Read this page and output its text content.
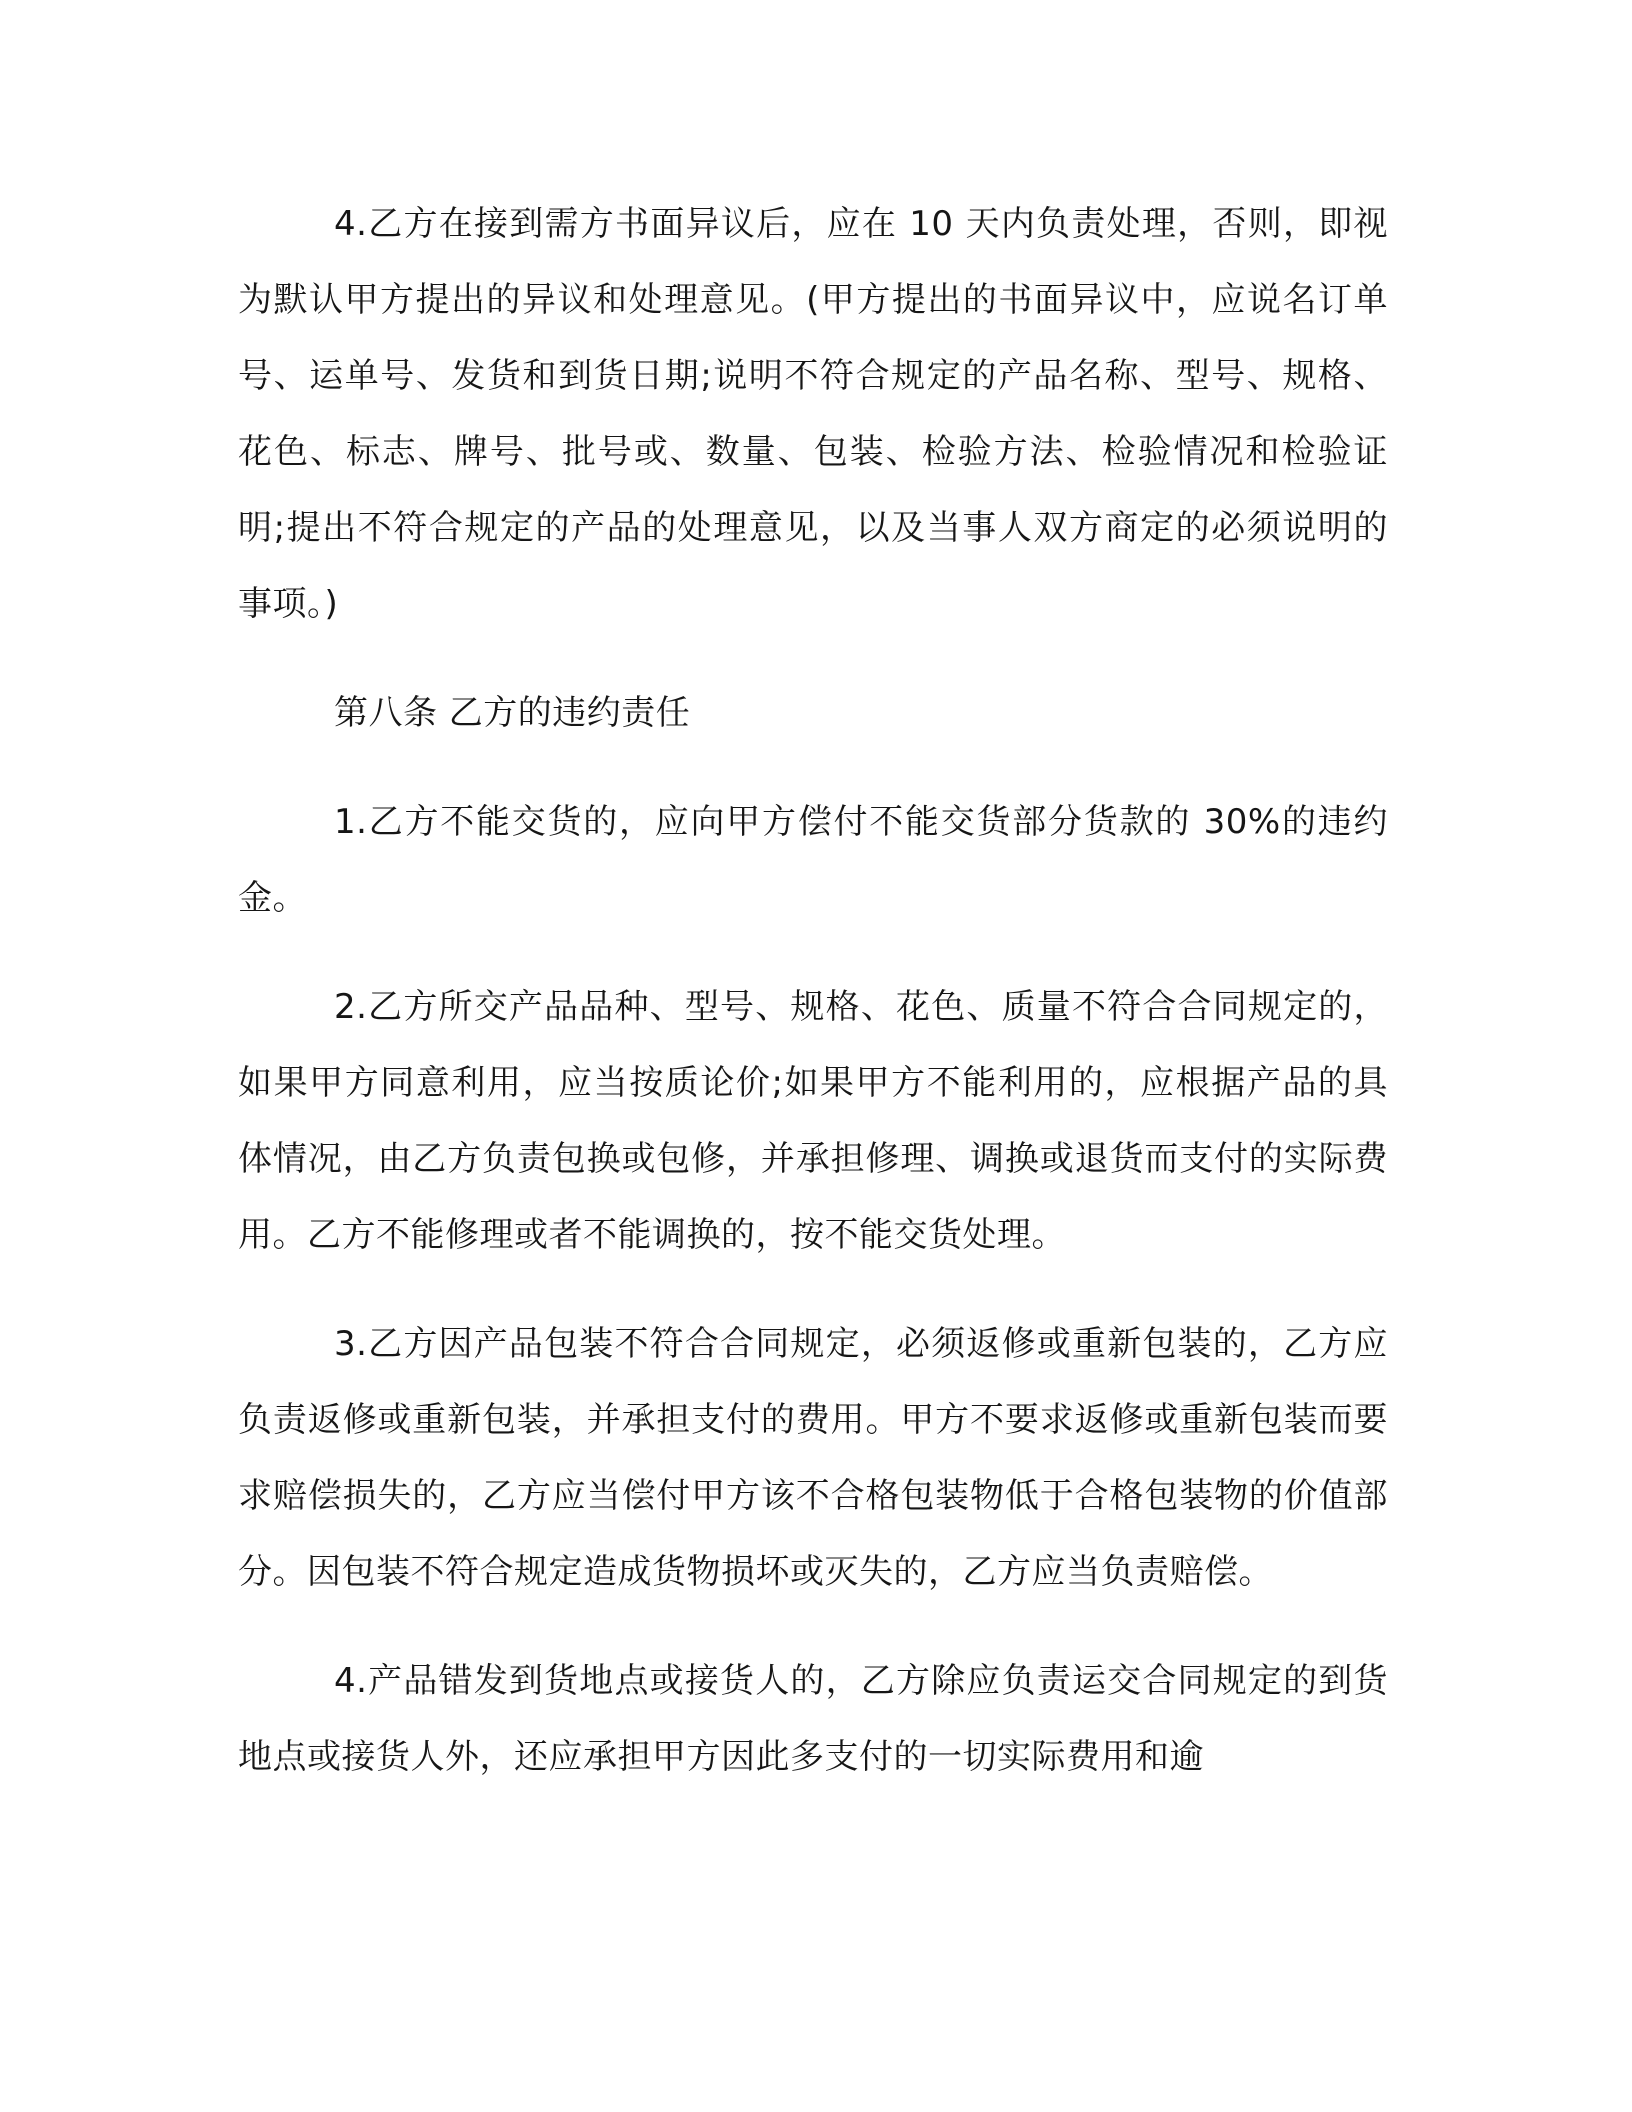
4.乙方在接到需方书面异议后，应在 10 天内负责处理，否则，即视为默认甲方提出的异议和处理意见。(甲方提出的书面异议中，应说名订单号、运单号、发货和到货日期;说明不符合规定的产品名称、型号、规格、花色、标志、牌号、批号或、数量、包装、检验方法、检验情况和检验证明;提出不符合规定的产品的处理意见，以及当事人双方商定的必须说明的事项。)

第八条 乙方的违约责任

1.乙方不能交货的，应向甲方偿付不能交货部分货款的 30%的违约金。

2.乙方所交产品品种、型号、规格、花色、质量不符合合同规定的，如果甲方同意利用，应当按质论价;如果甲方不能利用的，应根据产品的具体情况，由乙方负责包换或包修，并承担修理、调换或退货而支付的实际费用。乙方不能修理或者不能调换的，按不能交货处理。

3.乙方因产品包装不符合合同规定，必须返修或重新包装的，乙方应负责返修或重新包装，并承担支付的费用。甲方不要求返修或重新包装而要求赔偿损失的，乙方应当偿付甲方该不合格包装物低于合格包装物的价值部分。因包装不符合规定造成货物损坏或灭失的，乙方应当负责赔偿。

4.产品错发到货地点或接货人的，乙方除应负责运交合同规定的到货地点或接货人外，还应承担甲方因此多支付的一切实际费用和逾
